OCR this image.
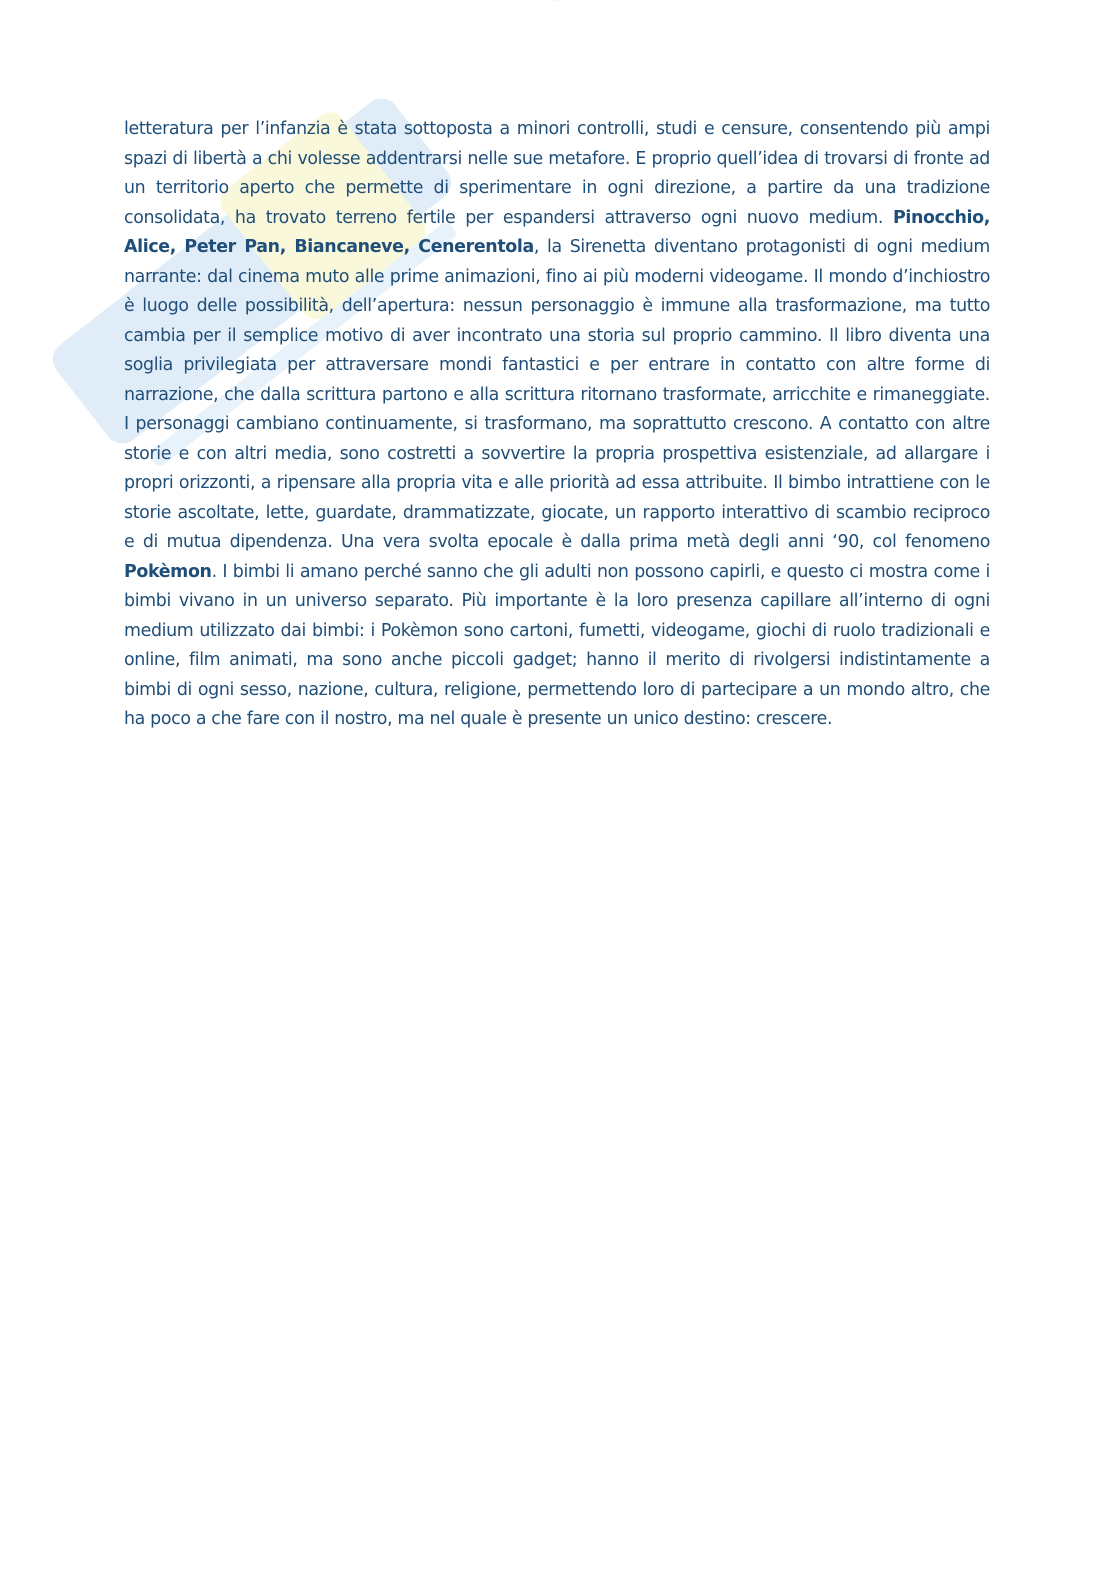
letteratura per l’infanzia è stata sottoposta a minori controlli, studi e censure, consentendo più ampi spazi di libertà a chi volesse addentrarsi nelle sue metafore. E proprio quell’idea di trovarsi di fronte ad un territorio aperto che permette di sperimentare in ogni direzione, a partire da una tradizione consolidata, ha trovato terreno fertile per espandersi attraverso ogni nuovo medium. Pinocchio, Alice, Peter Pan, Biancaneve, Cenerentola, la Sirenetta diventano protagonisti di ogni medium narrante: dal cinema muto alle prime animazioni, fino ai più moderni videogame. Il mondo d’inchiostro è luogo delle possibilità, dell’apertura: nessun personaggio è immune alla trasformazione, ma tutto cambia per il semplice motivo di aver incontrato una storia sul proprio cammino. Il libro diventa una soglia privilegiata per attraversare mondi fantastici e per entrare in contatto con altre forme di narrazione, che dalla scrittura partono e alla scrittura ritornano trasformate, arricchite e rimaneggiate. I personaggi cambiano continuamente, si trasformano, ma soprattutto crescono. A contatto con altre storie e con altri media, sono costretti a sovvertire la propria prospettiva esistenziale, ad allargare i propri orizzonti, a ripensare alla propria vita e alle priorità ad essa attribuite. Il bimbo intrattiene con le storie ascoltate, lette, guardate, drammatizzate, giocate, un rapporto interattivo di scambio reciproco e di mutua dipendenza. Una vera svolta epocale è dalla prima metà degli anni ‘90, col fenomeno Pokèmon. I bimbi li amano perché sanno che gli adulti non possono capirli, e questo ci mostra come i bimbi vivano in un universo separato. Più importante è la loro presenza capillare all’interno di ogni medium utilizzato dai bimbi: i Pokèmon sono cartoni, fumetti, videogame, giochi di ruolo tradizionali e online, film animati, ma sono anche piccoli gadget; hanno il merito di rivolgersi indistintamente a bimbi di ogni sesso, nazione, cultura, religione, permettendo loro di partecipare a un mondo altro, che ha poco a che fare con il nostro, ma nel quale è presente un unico destino: crescere.
